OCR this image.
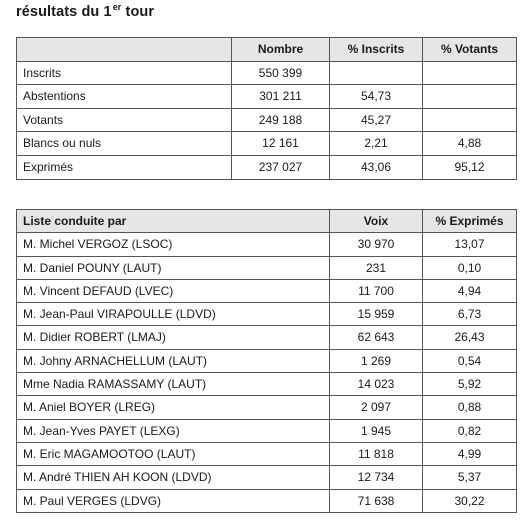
résultats du 1er tour
	Nombre	% Inscrits	% Votants
Inscrits	550 399		
Abstentions	301 211	54,73	
Votants	249 188	45,27	
Blancs ou nuls	12 161	2,21	4,88
Exprimés	237 027	43,06	95,12
Liste conduite par	Voix	% Exprimés
M. Michel VERGOZ (LSOC)	30 970	13,07
M. Daniel POUNY (LAUT)	231	0,10
M. Vincent DEFAUD (LVEC)	11 700	4,94
M. Jean-Paul VIRAPOULLE (LDVD)	15 959	6,73
M. Didier ROBERT (LMAJ)	62 643	26,43
M. Johny ARNACHELLUM (LAUT)	1 269	0,54
Mme Nadia RAMASSAMY (LAUT)	14 023	5,92
M. Aniel BOYER (LREG)	2 097	0,88
M. Jean-Yves PAYET (LEXG)	1 945	0,82
M. Eric MAGAMOOTOO (LAUT)	11 818	4,99
M. André THIEN AH KOON (LDVD)	12 734	5,37
M. Paul VERGES (LDVG)	71 638	30,22
